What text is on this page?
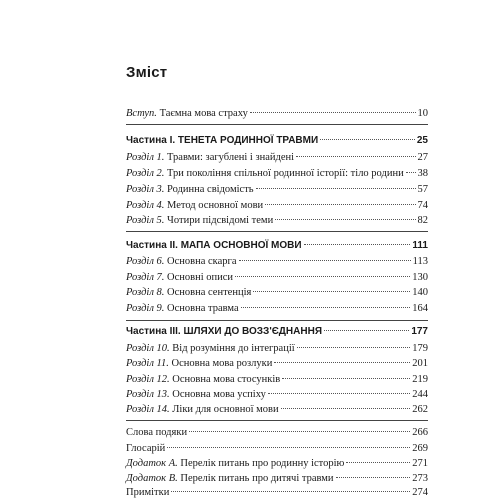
Зміст
Вступ. Таємна мова страху	10
Частина І. ТЕНЕТА РОДИННОЇ ТРАВМИ	25
Розділ 1. Травми: загублені і знайдені	27
Розділ 2. Три покоління спільної родинної історії: тіло родини 38
Розділ 3. Родинна свідомість	57
Розділ 4. Метод основної мови	74
Розділ 5. Чотири підсвідомі теми	82
Частина ІІ. МАПА ОСНОВНОЇ МОВИ	111
Розділ 6. Основна скарга	113
Розділ 7. Основні описи	130
Розділ 8. Основна сентенція	140
Розділ 9. Основна травма	164
Частина ІІІ. ШЛЯХИ ДО ВОЗЗ'ЄДНАННЯ	177
Розділ 10. Від розуміння до інтеграції	179
Розділ 11. Основна мова розлуки	201
Розділ 12. Основна мова стосунків	219
Розділ 13. Основна мова успіху	244
Розділ 14. Ліки для основної мови	262
Слова подяки	266
Глосарій	269
Додаток А. Перелік питань про родинну історію	271
Додаток В. Перелік питань про дитячі травми	273
Примітки	274
